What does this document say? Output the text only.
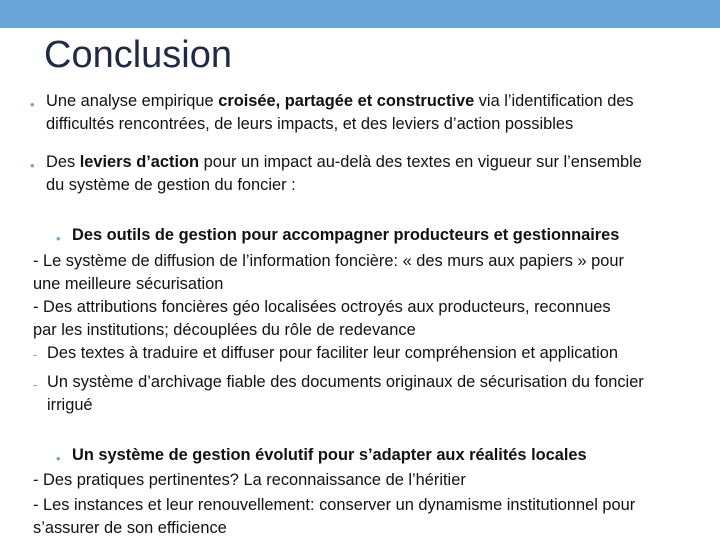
Conclusion
• Une analyse empirique croisée, partagée et constructive via l’identification des
difficultés rencontrées, de leurs impacts, et des leviers d’action possibles
• Des leviers d’action pour un impact au-delà des textes en vigueur sur l’ensemble
du système de gestion du foncier :
• Des outils de gestion pour accompagner producteurs et gestionnaires
- Le système de diffusion de l’information foncière: « des murs aux papiers » pour
une meilleure sécurisation
- Des attributions foncières géo localisées octroyés aux producteurs, reconnues
par les institutions; découplées du rôle de redevance
- Des textes à traduire et diffuser pour faciliter leur compréhension et application
- Un système d’archivage fiable des documents originaux de sécurisation du foncier
irrigué
• Un système de gestion évolutif pour s’adapter aux réalités locales
- Des pratiques pertinentes? La reconnaissance de l’héritier
- Les instances et leur renouvellement: conserver un dynamisme institutionnel pour
s’assurer de son efficience
